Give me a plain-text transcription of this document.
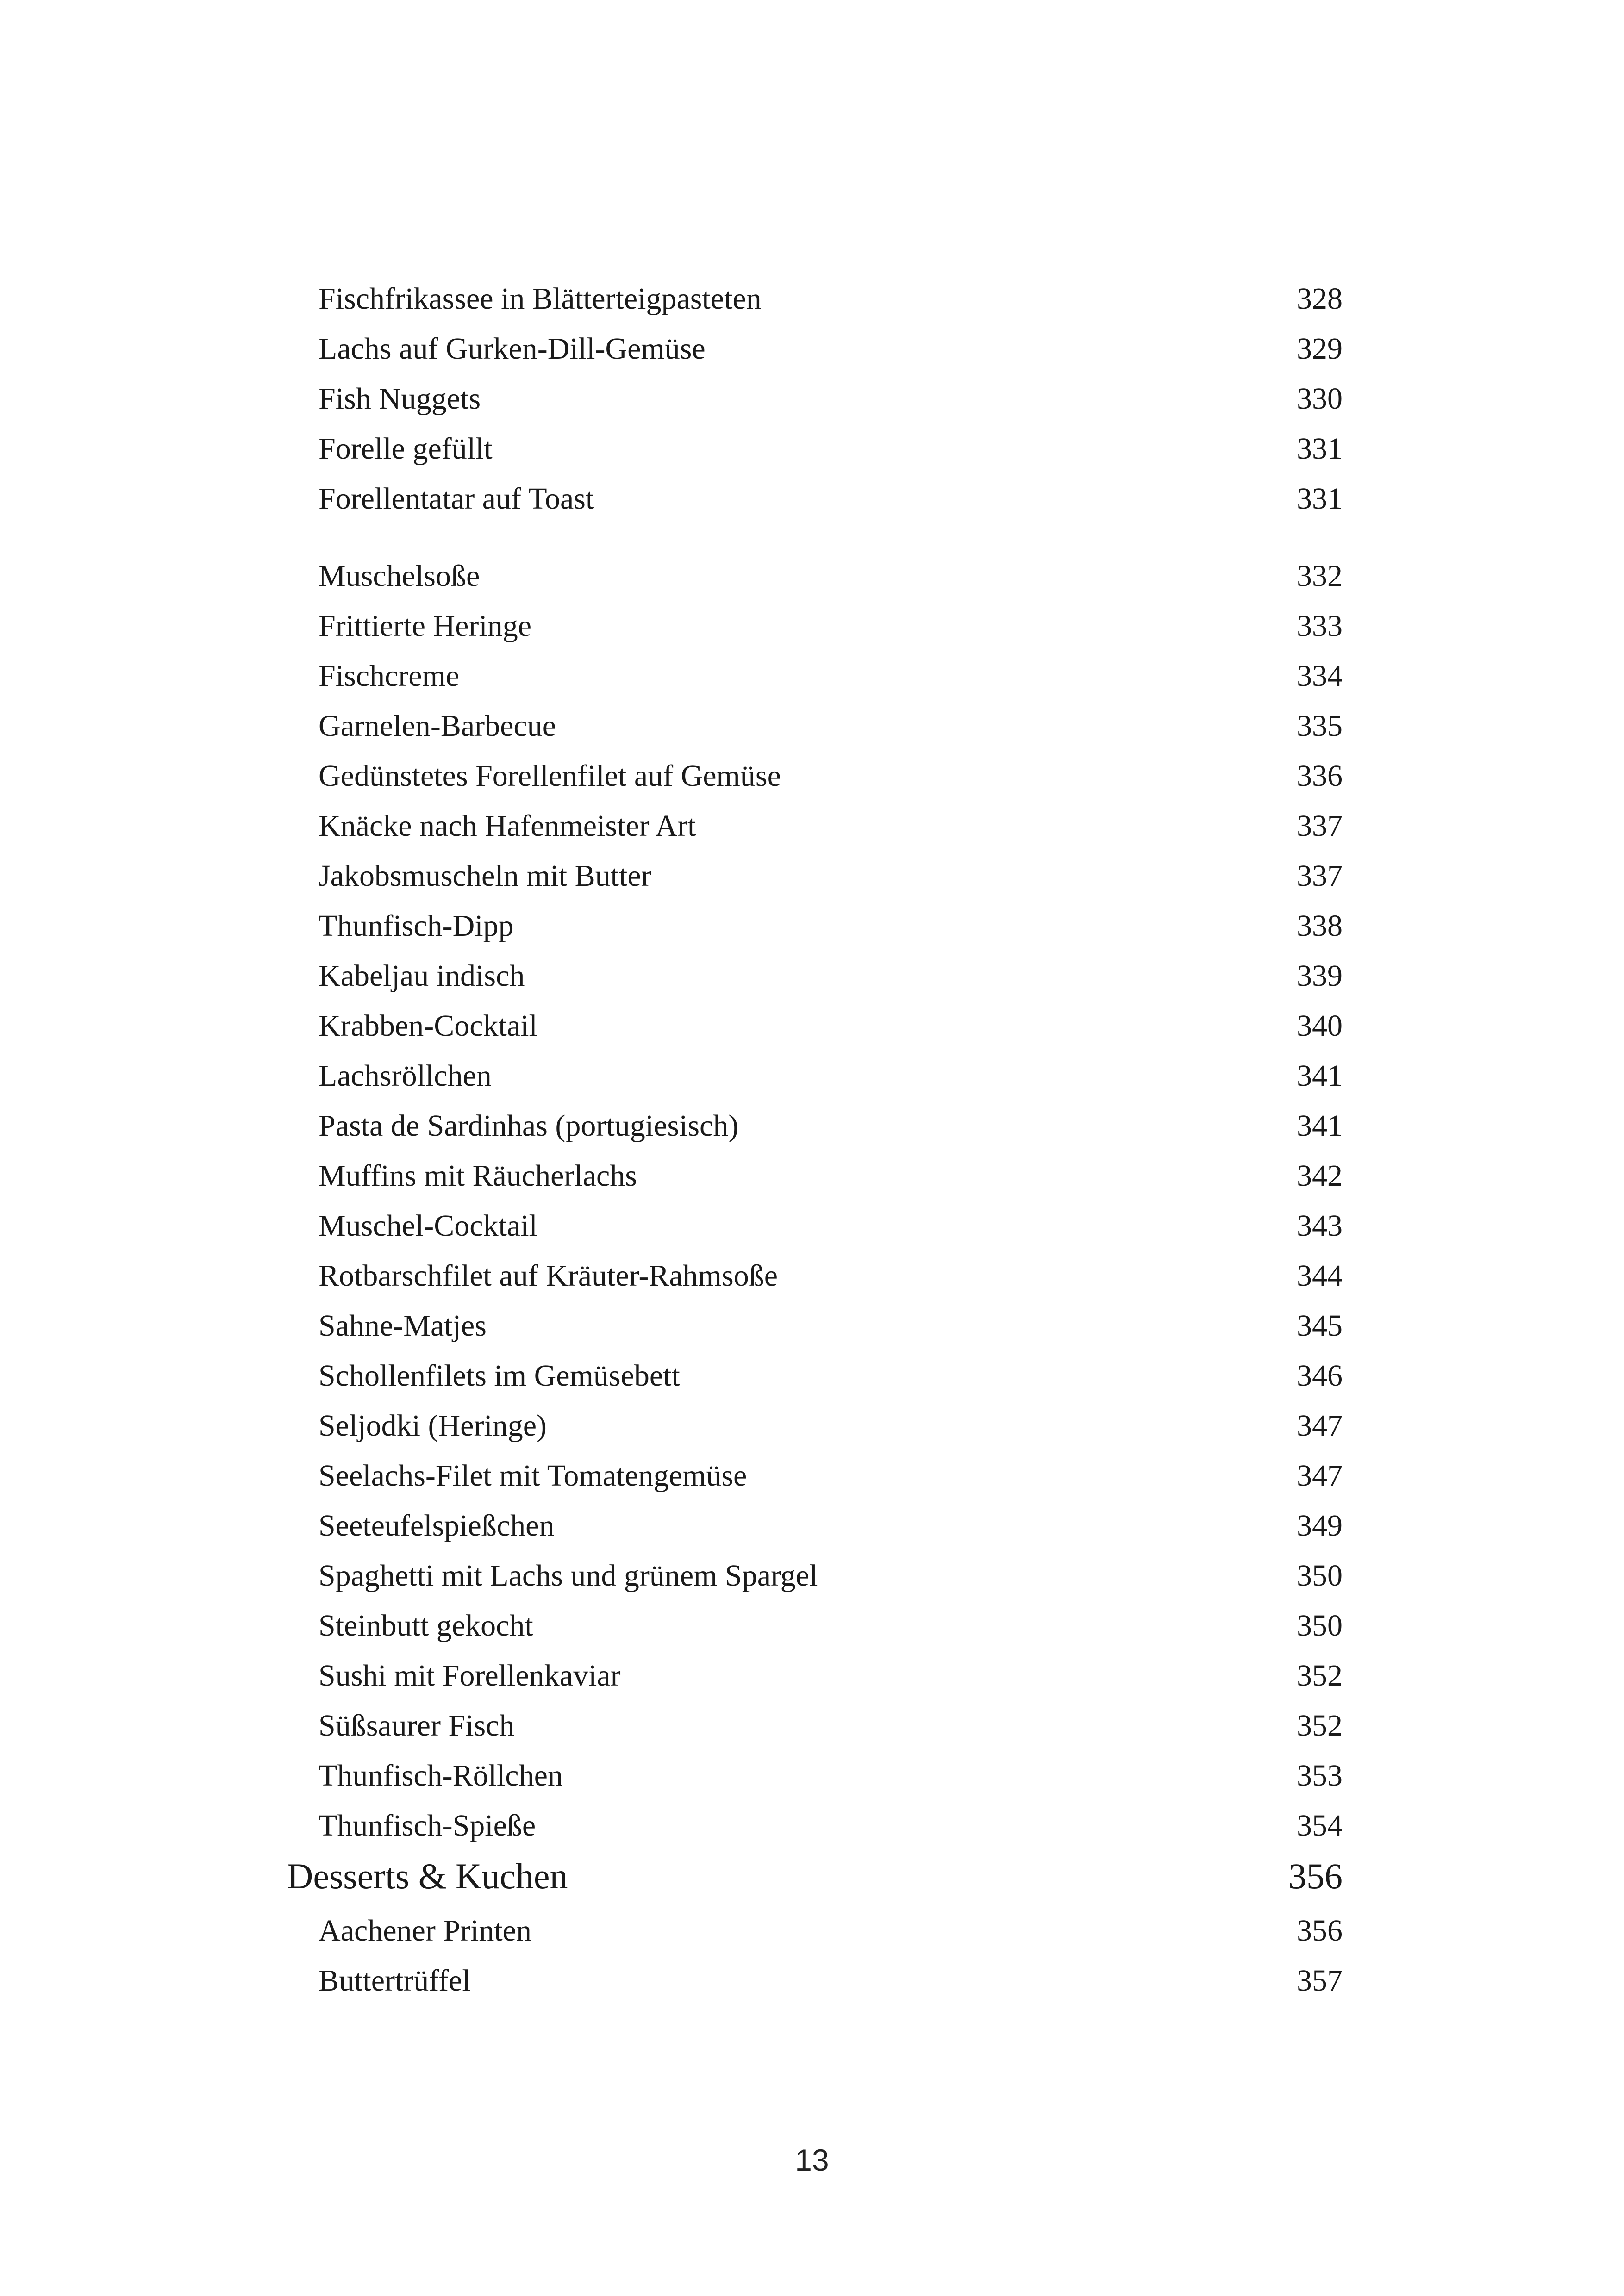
Fischfrikassee in Blätterteigpasteten	328
Lachs auf Gurken-Dill-Gemüse	329
Fish Nuggets	330
Forelle gefüllt	331
Forellentatar auf Toast	331
Muschelsoße	332
Frittierte Heringe	333
Fischcreme	334
Garnelen-Barbecue	335
Gedünstetes Forellenfilet auf Gemüse	336
Knäcke nach Hafenmeister Art	337
Jakobsmuscheln mit Butter	337
Thunfisch-Dipp	338
Kabeljau indisch	339
Krabben-Cocktail	340
Lachsröllchen	341
Pasta de Sardinhas (portugiesisch)	341
Muffins mit Räucherlachs	342
Muschel-Cocktail	343
Rotbarschfilet auf Kräuter-Rahmsoße	344
Sahne-Matjes	345
Schollenfilets im Gemüsebett	346
Seljodki (Heringe)	347
Seelachs-Filet mit Tomatengemüse	347
Seeteufelspießchen	349
Spaghetti mit Lachs und grünem Spargel	350
Steinbutt gekocht	350
Sushi mit Forellenkaviar	352
Süßsaurer Fisch	352
Thunfisch-Röllchen	353
Thunfisch-Spieße	354
Desserts & Kuchen	356
Aachener Printen	356
Buttertrüffel	357
13
